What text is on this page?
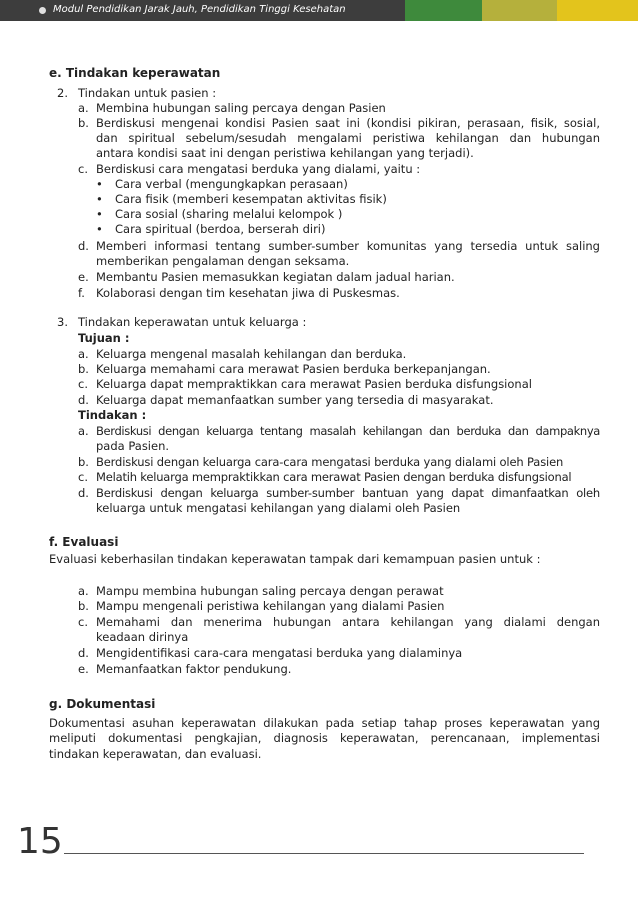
Modul Pendidikan Jarak Jauh, Pendidikan Tinggi Kesehatan
e. Tindakan keperawatan
2. Tindakan untuk pasien :
a. Membina hubungan saling percaya dengan Pasien
b. Berdiskusi mengenai kondisi Pasien saat ini (kondisi pikiran, perasaan, fisik, sosial,
dan spiritual sebelum/sesudah mengalami peristiwa kehilangan dan hubungan
antara kondisi saat ini dengan peristiwa kehilangan yang terjadi).
c. Berdiskusi cara mengatasi berduka yang dialami, yaitu :
• Cara verbal (mengungkapkan perasaan)
• Cara fisik (memberi kesempatan aktivitas fisik)
• Cara sosial (sharing melalui kelompok )
• Cara spiritual (berdoa, berserah diri)
d. Memberi informasi tentang sumber-sumber komunitas yang tersedia untuk saling
memberikan pengalaman dengan seksama.
e. Membantu Pasien memasukkan kegiatan dalam jadual harian.
f. Kolaborasi dengan tim kesehatan jiwa di Puskesmas.
3. Tindakan keperawatan untuk keluarga :
Tujuan :
a. Keluarga mengenal masalah kehilangan dan berduka.
b. Keluarga memahami cara merawat Pasien berduka berkepanjangan.
c. Keluarga dapat mempraktikkan cara merawat Pasien berduka disfungsional
d. Keluarga dapat memanfaatkan sumber yang tersedia di masyarakat.
Tindakan :
a. Berdiskusi dengan keluarga tentang masalah kehilangan dan berduka dan dampaknya
pada Pasien.
b. Berdiskusi dengan keluarga cara-cara mengatasi berduka yang dialami oleh Pasien
c. Melatih keluarga mempraktikkan cara merawat Pasien dengan berduka disfungsional
d. Berdiskusi dengan keluarga sumber-sumber bantuan yang dapat dimanfaatkan oleh
keluarga untuk mengatasi kehilangan yang dialami oleh Pasien
f. Evaluasi
Evaluasi keberhasilan tindakan keperawatan tampak dari kemampuan pasien untuk :
a. Mampu membina hubungan saling percaya dengan perawat
b. Mampu mengenali peristiwa kehilangan yang dialami Pasien
c. Memahami dan menerima hubungan antara kehilangan yang dialami dengan
keadaan dirinya
d. Mengidentifikasi cara-cara mengatasi berduka yang dialaminya
e. Memanfaatkan faktor pendukung.
g. Dokumentasi
Dokumentasi asuhan keperawatan dilakukan pada setiap tahap proses keperawatan yang
meliputi dokumentasi pengkajian, diagnosis keperawatan, perencanaan, implementasi
tindakan keperawatan, dan evaluasi.
15
